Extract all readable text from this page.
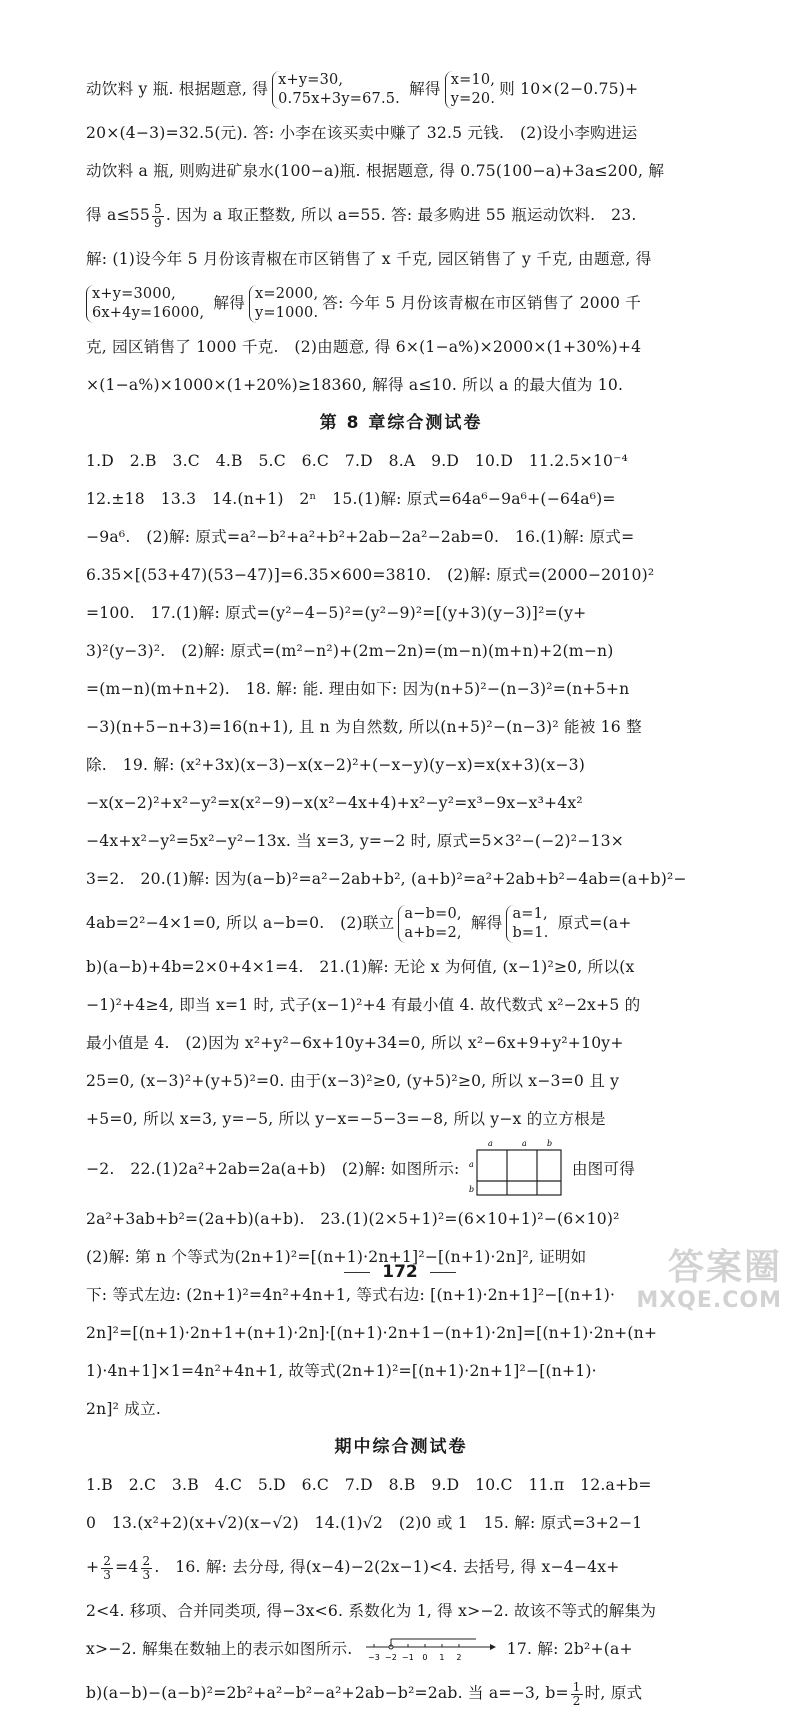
动饮料 y 瓶. 根据题意, 得 x+y=30,
0.75x+3y=67.5.
解得 x=10,
y=20.
则 10×(2−0.75)+
20×(4−3)=32.5(元). 答: 小李在该买卖中赚了 32.5 元钱.　(2)设小李购进运
动饮料 a 瓶, 则购进矿泉水(100−a)瓶. 根据题意, 得 0.75(100−a)+3a≤200, 解
得 $a\le 55 \frac{5}{9}$ . 因为 a 取正整数, 所以 a=55. 答: 最多购进 55 瓶运动饮料.　23.
解: (1)设今年 5 月份该青椒在市区销售了 x 千克, 园区销售了 y 千克, 由题意, 得
x+y=3000,
6x+4y=16000,
解得 x=2000,
y=1000.
答: 今年 5 月份该青椒在市区销售了 2000 千
克, 园区销售了 1000 千克.　(2)由题意, 得 6×(1−a%)×2000×(1+30%)+4
×(1−a%)×1000×(1+20%)≥18360, 解得 a≤10. 所以 a 的最大值为 10.
第 8 章综合测试卷
1.D　2.B　3.C　4.B　5.C　6.C　7.D　8.A　9.D　10.D　11.2.5×10⁻⁴
12.±18　13.3　14.(n+1)　2ⁿ　15.(1)解: 原式=64a⁶−9a⁶+(−64a⁶)=
−9a⁶.　(2)解: 原式=a²−b²+a²+b²+2ab−2a²−2ab=0.　16.(1)解: 原式=
6.35×[(53+47)(53−47)]=6.35×600=3810.　(2)解: 原式=(2000−2010)²
=100.　17.(1)解: 原式=(y²−4−5)²=(y²−9)²=[(y+3)(y−3)]²=(y+
3)²(y−3)².　(2)解: 原式=(m²−n²)+(2m−2n)=(m−n)(m+n)+2(m−n)
=(m−n)(m+n+2).　18. 解: 能. 理由如下: 因为(n+5)²−(n−3)²=(n+5+n
−3)(n+5−n+3)=16(n+1), 且 n 为自然数, 所以(n+5)²−(n−3)² 能被 16 整
除.　19. 解: (x²+3x)(x−3)−x(x−2)²+(−x−y)(y−x)=x(x+3)(x−3)
−x(x−2)²+x²−y²=x(x²−9)−x(x²−4x+4)+x²−y²=x³−9x−x³+4x²
−4x+x²−y²=5x²−y²−13x. 当 x=3, y=−2 时, 原式=5×3²−(−2)²−13×
3=2.　20.(1)解: 因为(a−b)²=a²−2ab+b², (a+b)²=a²+2ab+b²−4ab=(a+b)²−
4ab=2²−4×1=0, 所以 a−b=0.　(2)联立 a−b=0,
a+b=2,
解得 a=1,
b=1.
原式=(a+
b)(a−b)+4b=2×0+4×1=4.　21.(1)解: 无论 x 为何值, (x−1)²≥0, 所以(x
−1)²+4≥4, 即当 x=1 时, 式子(x−1)²+4 有最小值 4. 故代数式 x²−2x+5 的
最小值是 4.　(2)因为 x²+y²−6x+10y+34=0, 所以 x²−6x+9+y²+10y+
25=0, (x−3)²+(y+5)²=0. 由于(x−3)²≥0, (y+5)²≥0, 所以 x−3=0 且 y
+5=0, 所以 x=3, y=−5, 所以 y−x=−5−3=−8, 所以 y−x 的立方根是
−2.　22.(1)2a²+2ab=2a(a+b)　(2)解: 如图所示:
a	a	b
a
b
由图可得
2a²+3ab+b²=(2a+b)(a+b).　23.(1)(2×5+1)²=(6×10+1)²−(6×10)²
(2)解: 第 n 个等式为(2n+1)²=[(n+1)·2n+1]²−[(n+1)·2n]², 证明如
下: 等式左边: (2n+1)²=4n²+4n+1, 等式右边: [(n+1)·2n+1]²−[(n+1)·
2n]²=[(n+1)·2n+1+(n+1)·2n]·[(n+1)·2n+1−(n+1)·2n]=[(n+1)·2n+(n+
1)·4n+1]×1=4n²+4n+1, 故等式(2n+1)²=[(n+1)·2n+1]²−[(n+1)·
2n]² 成立.
期中综合测试卷
1.B　2.C　3.B　4.C　5.D　6.C　7.D　8.B　9.D　10.C　11.π　12.a+b=
0　13.(x²+2)(x+√2)(x−√2)　14.(1)√2　(2)0 或 1　15. 解: 原式=3+2−1
+ $\frac{2}{3} =4 \frac{2}{3}$ .　16. 解: 去分母, 得(x−4)−2(2x−1)<4. 去括号, 得 x−4−4x+
2<4. 移项、合并同类项, 得−3x<6. 系数化为 1, 得 x>−2. 故该不等式的解集为
x>−2. 解集在数轴上的表示如图所示. −3 −2 −1 0 1 2	17. 解: 2b²+(a+
b)(a−b)−(a−b)²=2b²+a²−b²−a²+2ab−b²=2ab. 当 a=−3, $b= \frac{1}{2}$ 时, 原式
172	答案圈
MXQE.COM
